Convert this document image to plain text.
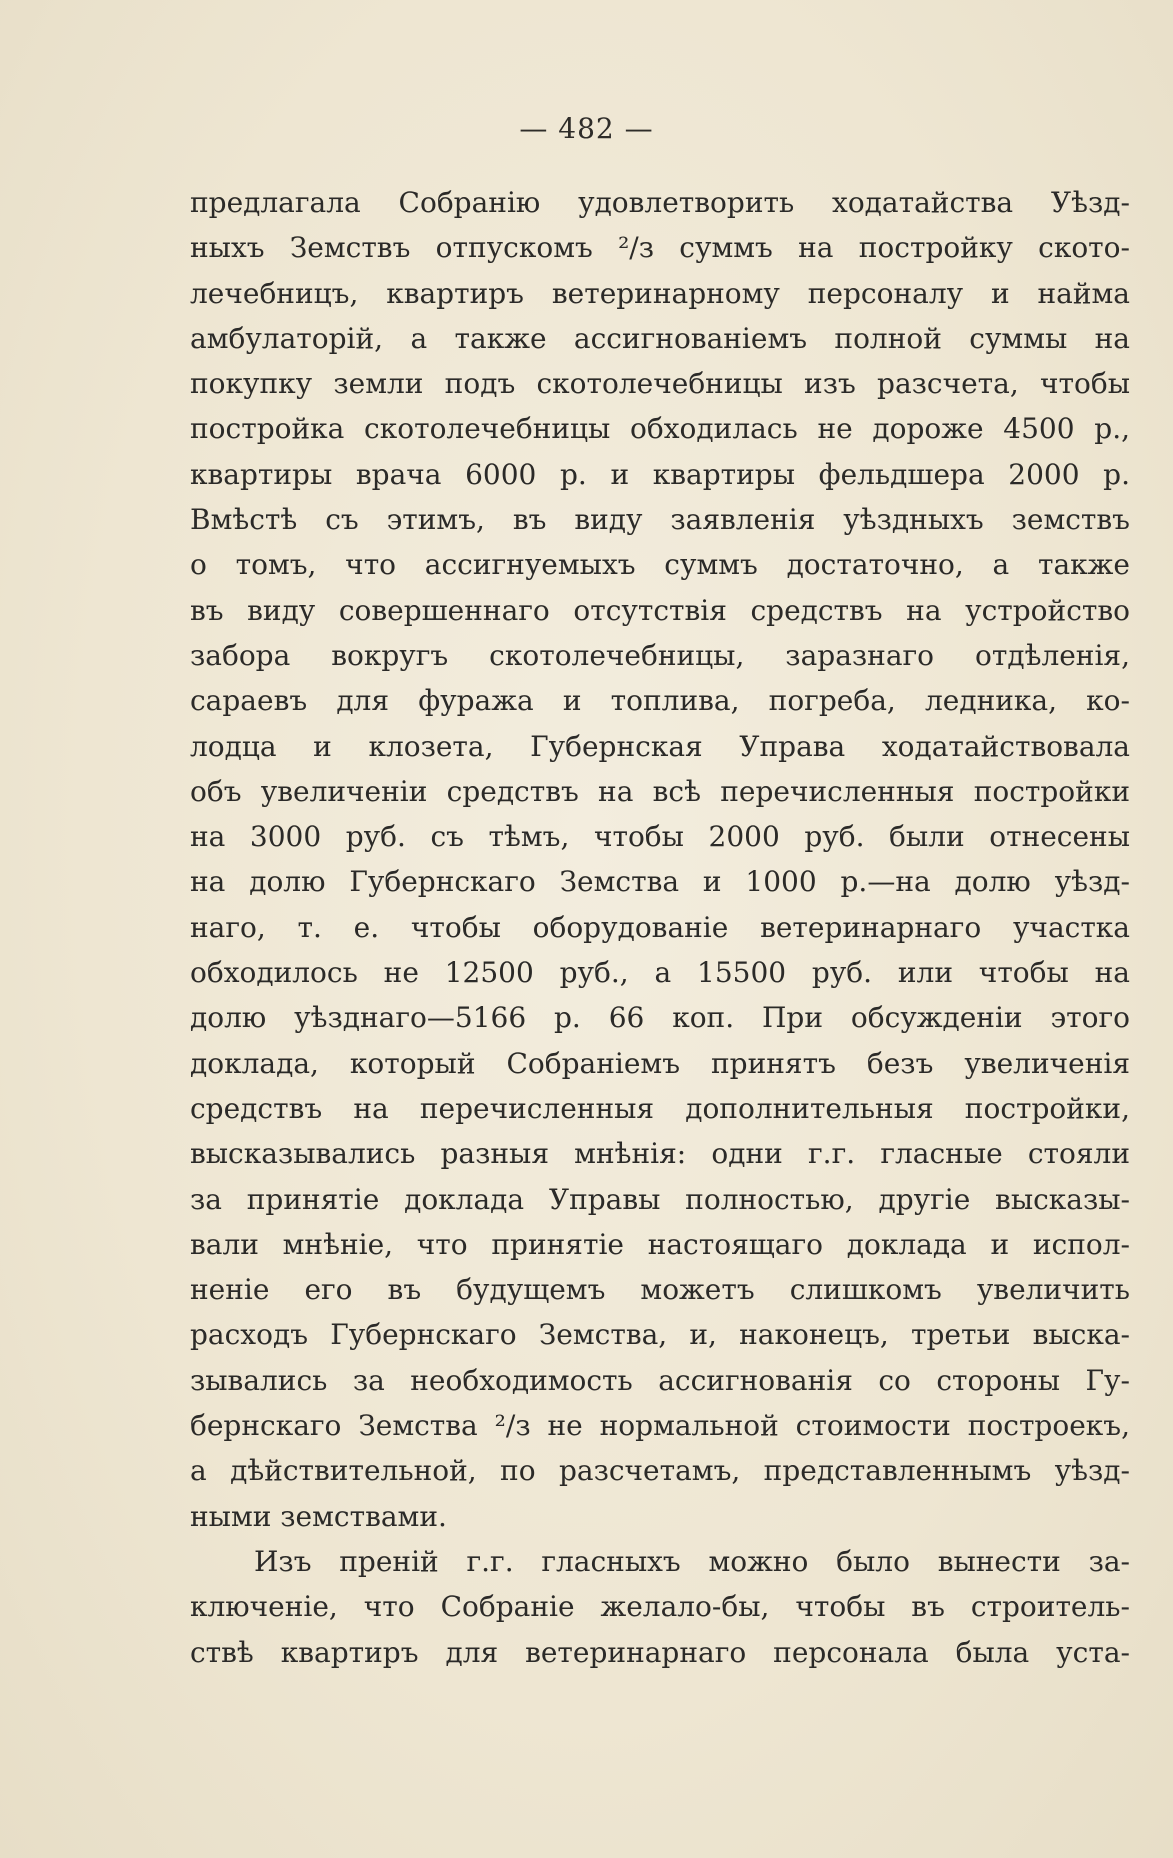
— 482 —
предлагала Собранію удовлетворить ходатайства Уѣзд-
ныхъ Земствъ отпускомъ ²/з суммъ на постройку ското-
лечебницъ, квартиръ ветеринарному персоналу и найма
амбулаторій, а также ассигнованіемъ полной суммы на
покупку земли подъ скотолечебницы изъ разсчета, чтобы
постройка скотолечебницы обходилась не дороже 4500 р.,
квартиры врача 6000 р. и квартиры фельдшера 2000 р.
Вмѣстѣ съ этимъ, въ виду заявленія уѣздныхъ земствъ
о томъ, что ассигнуемыхъ суммъ достаточно, а также
въ виду совершеннаго отсутствія средствъ на устройство
забора вокругъ скотолечебницы, заразнаго отдѣленія,
сараевъ для фуража и топлива, погреба, ледника, ко-
лодца и клозета, Губернская Управа ходатайствовала
объ увеличеніи средствъ на всѣ перечисленныя постройки
на 3000 руб. съ тѣмъ, чтобы 2000 руб. были отнесены
на долю Губернскаго Земства и 1000 р.—на долю уѣзд-
наго, т. е. чтобы оборудованіе ветеринарнаго участка
обходилось не 12500 руб., а 15500 руб. или чтобы на
долю уѣзднаго—5166 р. 66 коп. При обсужденіи этого
доклада, который Собраніемъ принятъ безъ увеличенія
средствъ на перечисленныя дополнительныя постройки,
высказывались разныя мнѣнія: одни г.г. гласные стояли
за принятіе доклада Управы полностью, другіе высказы-
вали мнѣніе, что принятіе настоящаго доклада и испол-
неніе его въ будущемъ можетъ слишкомъ увеличить
расходъ Губернскаго Земства, и, наконецъ, третьи выска-
зывались за необходимость ассигнованія со стороны Гу-
бернскаго Земства ²/з не нормальной стоимости построекъ,
а дѣйствительной, по разсчетамъ, представленнымъ уѣзд-
ными земствами.
Изъ преній г.г. гласныхъ можно было вынести за-
ключеніе, что Собраніе желало-бы, чтобы въ строитель-
ствѣ квартиръ для ветеринарнаго персонала была уста-
